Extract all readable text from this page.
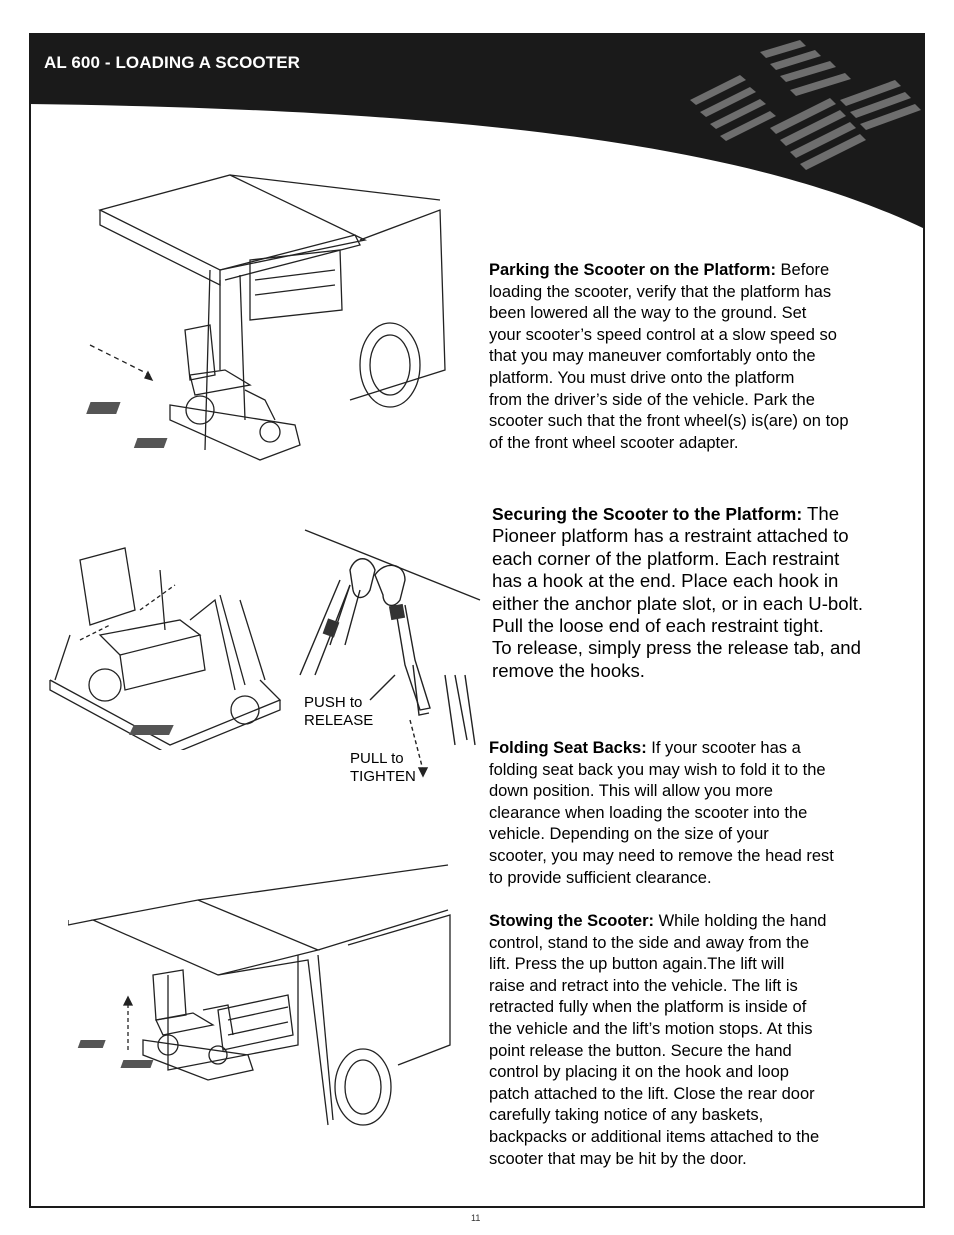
AL 600 - LOADING A SCOOTER
PUSH to
RELEASE
PULL to
TIGHTEN
Parking the Scooter on the Platform: Before
loading the scooter, verify that the platform has
been lowered all the way to the ground. Set
your scooter’s speed control at a slow speed so
that you may maneuver comfortably onto the
platform. You must drive onto the platform
from the driver’s side of the vehicle. Park the
scooter such that the front wheel(s) is(are) on top
of the front wheel scooter adapter.
Securing the Scooter to the Platform: The
Pioneer platform has a restraint attached to
each corner of the platform. Each restraint
has a hook at the end. Place each hook in
either the anchor plate slot, or in each U-bolt.
Pull the loose end of each restraint tight.
To release, simply press the release tab, and
remove the hooks.
Folding Seat Backs: If your scooter has a
folding seat back you may wish to fold it to the
down position. This will allow you more
clearance when loading the scooter into the
vehicle. Depending on the size of your
scooter, you may need to remove the head rest
to provide sufficient clearance.
Stowing the Scooter: While holding the hand
control, stand to the side and away from the
lift. Press the up button again.The lift will
raise and retract into the vehicle. The lift is
retracted fully when the platform is inside of
the vehicle and the lift’s motion stops. At this
point release the button. Secure the hand
control by placing it on the hook and loop
patch attached to the lift. Close the rear door
carefully taking notice of any baskets,
backpacks or additional items attached to the
scooter that may be hit by the door.
11
